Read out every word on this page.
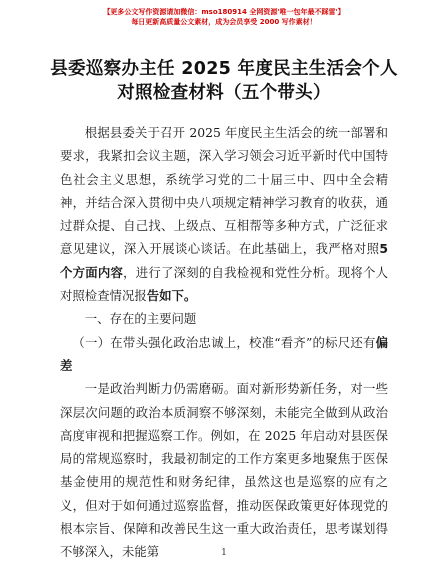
【更多公文写作资源请加微信：mso180914 全网资源'唯一包年最不踩雷'】
每日更新高质量公文素材，成为会员享受 2000 写作素材！
县委巡察办主任 2025 年度民主生活会个人对照检查材料（五个带头）

根据县委关于召开 2025 年度民主生活会的统一部署和要求，我紧扣会议主题，深入学习领会习近平新时代中国特色社会主义思想，系统学习党的二十届三中、四中全会精神，并结合深入贯彻中央八项规定精神学习教育的收获，通过群众提、自己找、上级点、互相帮等多种方式，广泛征求意见建议，深入开展谈心谈话。在此基础上，我严格对照5 个方面内容，进行了深刻的自我检视和党性分析。现将个人对照检查情况报告如下。

一、存在的主要问题

（一）在带头强化政治忠诚上，校准“看齐”的标尺还有偏差

一是政治判断力仍需磨砺。面对新形势新任务，对一些深层次问题的政治本质洞察不够深刻，未能完全做到从政治高度审视和把握巡察工作。例如，在 2025 年启动对县医保局的常规巡察时，我最初制定的工作方案更多地聚焦于医保基金使用的规范性和财务纪律，虽然这也是巡察的应有之义，但对于如何通过巡察监督，推动医保政策更好体现党的根本宗旨、保障和改善民生这一重大政治责任，思考谋划得不够深入，未能第	1
